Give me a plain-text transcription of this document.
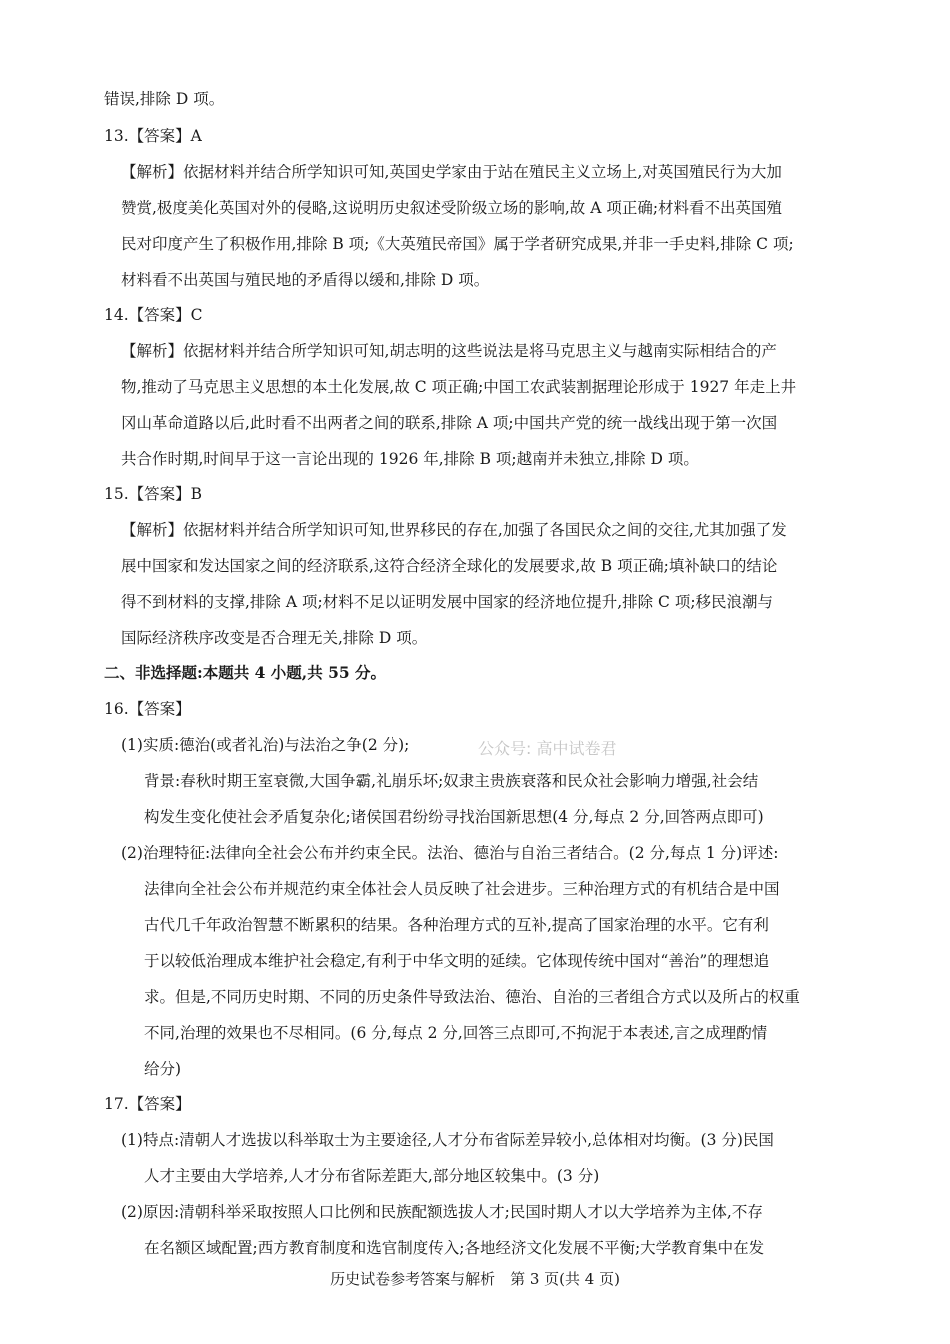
错误,排除 D 项。
13.【答案】A
【解析】依据材料并结合所学知识可知,英国史学家由于站在殖民主义立场上,对英国殖民行为大加
赞赏,极度美化英国对外的侵略,这说明历史叙述受阶级立场的影响,故 A 项正确;材料看不出英国殖
民对印度产生了积极作用,排除 B 项;《大英殖民帝国》属于学者研究成果,并非一手史料,排除 C 项;
材料看不出英国与殖民地的矛盾得以缓和,排除 D 项。
14.【答案】C
【解析】依据材料并结合所学知识可知,胡志明的这些说法是将马克思主义与越南实际相结合的产
物,推动了马克思主义思想的本土化发展,故 C 项正确;中国工农武装割据理论形成于 1927 年走上井
冈山革命道路以后,此时看不出两者之间的联系,排除 A 项;中国共产党的统一战线出现于第一次国
共合作时期,时间早于这一言论出现的 1926 年,排除 B 项;越南并未独立,排除 D 项。
15.【答案】B
【解析】依据材料并结合所学知识可知,世界移民的存在,加强了各国民众之间的交往,尤其加强了发
展中国家和发达国家之间的经济联系,这符合经济全球化的发展要求,故 B 项正确;填补缺口的结论
得不到材料的支撑,排除 A 项;材料不足以证明发展中国家的经济地位提升,排除 C 项;移民浪潮与
国际经济秩序改变是否合理无关,排除 D 项。
二、非选择题:本题共 4 小题,共 55 分。
16.【答案】
(1)实质:德治(或者礼治)与法治之争(2 分);	公众号: 高中试卷君
背景:春秋时期王室衰微,大国争霸,礼崩乐坏;奴隶主贵族衰落和民众社会影响力增强,社会结
构发生变化使社会矛盾复杂化;诸侯国君纷纷寻找治国新思想(4 分,每点 2 分,回答两点即可)
(2)治理特征:法律向全社会公布并约束全民。法治、德治与自治三者结合。(2 分,每点 1 分)评述:
法律向全社会公布并规范约束全体社会人员反映了社会进步。三种治理方式的有机结合是中国
古代几千年政治智慧不断累积的结果。各种治理方式的互补,提高了国家治理的水平。它有利
于以较低治理成本维护社会稳定,有利于中华文明的延续。它体现传统中国对“善治”的理想追
求。但是,不同历史时期、不同的历史条件导致法治、德治、自治的三者组合方式以及所占的权重
不同,治理的效果也不尽相同。(6 分,每点 2 分,回答三点即可,不拘泥于本表述,言之成理酌情
给分)
17.【答案】
(1)特点:清朝人才选拔以科举取士为主要途径,人才分布省际差异较小,总体相对均衡。(3 分)民国
人才主要由大学培养,人才分布省际差距大,部分地区较集中。(3 分)
(2)原因:清朝科举采取按照人口比例和民族配额选拔人才;民国时期人才以大学培养为主体,不存
在名额区域配置;西方教育制度和选官制度传入;各地经济文化发展不平衡;大学教育集中在发
历史试卷参考答案与解析　第 3 页(共 4 页)
